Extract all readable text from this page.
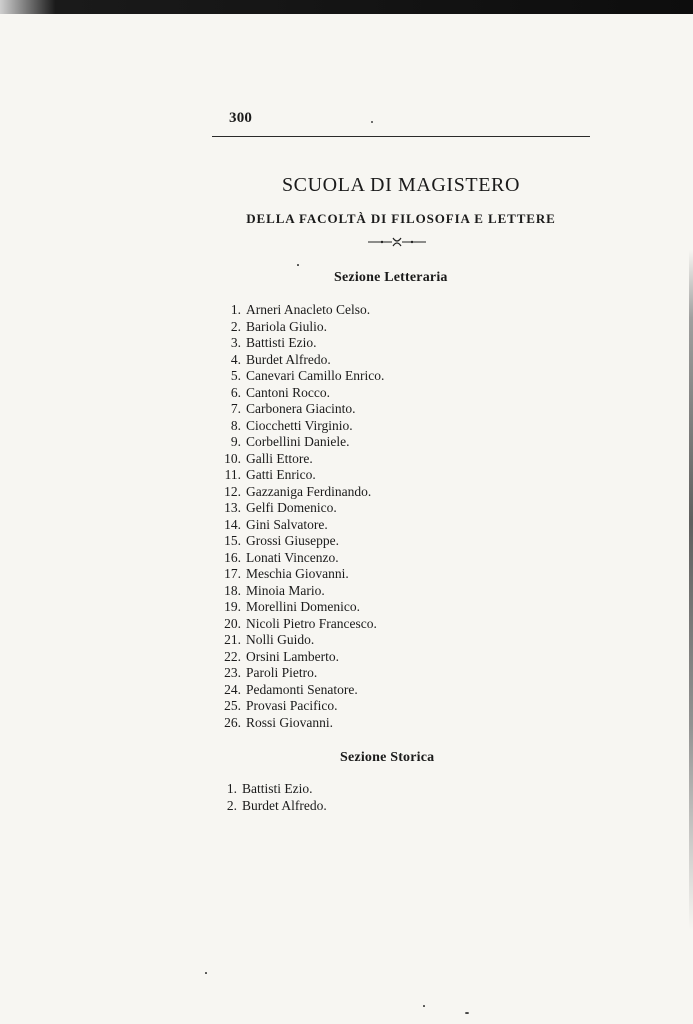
300
SCUOLA DI MAGISTERO
DELLA FACOLTÀ DI FILOSOFIA E LETTERE
Sezione Letteraria
1. Arneri Anacleto Celso.
2. Bariola Giulio.
3. Battisti Ezio.
4. Burdet Alfredo.
5. Canevari Camillo Enrico.
6. Cantoni Rocco.
7. Carbonera Giacinto.
8. Ciocchetti Virginio.
9. Corbellini Daniele.
10. Galli Ettore.
11. Gatti Enrico.
12. Gazzaniga Ferdinando.
13. Gelfi Domenico.
14. Gini Salvatore.
15. Grossi Giuseppe.
16. Lonati Vincenzo.
17. Meschia Giovanni.
18. Minoia Mario.
19. Morellini Domenico.
20. Nicoli Pietro Francesco.
21. Nolli Guido.
22. Orsini Lamberto.
23. Paroli Pietro.
24. Pedamonti Senatore.
25. Provasi Pacifico.
26. Rossi Giovanni.
Sezione Storica
1. Battisti Ezio.
2. Burdet Alfredo.
